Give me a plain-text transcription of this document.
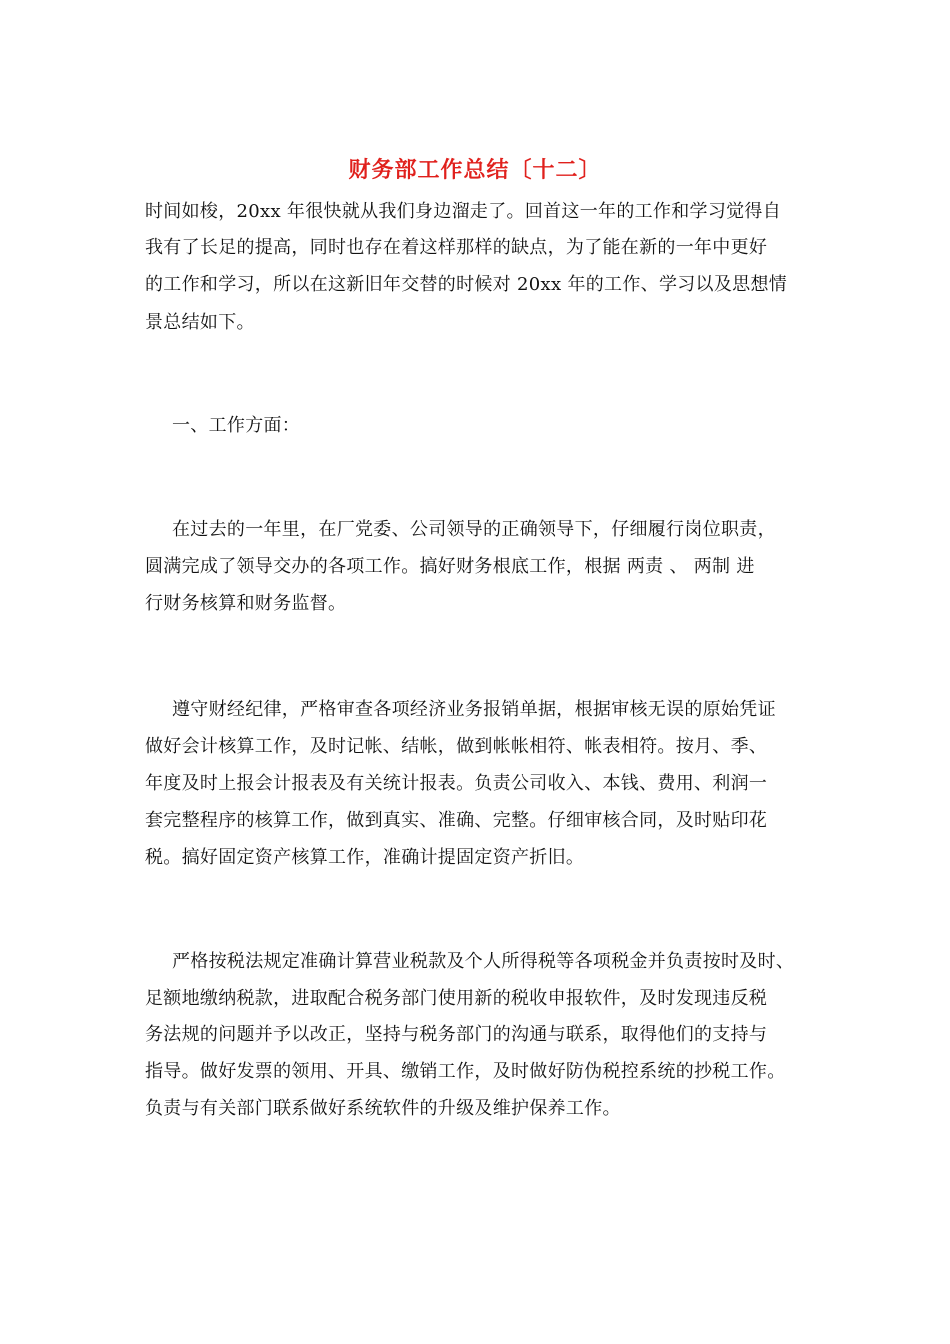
财务部工作总结〔十二〕
时间如梭，20xx 年很快就从我们身边溜走了。回首这一年的工作和学习觉得自
我有了长足的提高，同时也存在着这样那样的缺点，为了能在新的一年中更好
的工作和学习，所以在这新旧年交替的时候对 20xx 年的工作、学习以及思想情
景总结如下。
一、工作方面：
在过去的一年里，在厂党委、公司领导的正确领导下，仔细履行岗位职责，
圆满完成了领导交办的各项工作。搞好财务根底工作，根据 两责 、 两制 进
行财务核算和财务监督。
遵守财经纪律，严格审查各项经济业务报销单据，根据审核无误的原始凭证
做好会计核算工作，及时记帐、结帐，做到帐帐相符、帐表相符。按月、季、
年度及时上报会计报表及有关统计报表。负责公司收入、本钱、费用、利润一
套完整程序的核算工作，做到真实、准确、完整。仔细审核合同，及时贴印花
税。搞好固定资产核算工作，准确计提固定资产折旧。
严格按税法规定准确计算营业税款及个人所得税等各项税金并负责按时及时、
足额地缴纳税款，进取配合税务部门使用新的税收申报软件，及时发现违反税
务法规的问题并予以改正，坚持与税务部门的沟通与联系，取得他们的支持与
指导。做好发票的领用、开具、缴销工作，及时做好防伪税控系统的抄税工作。
负责与有关部门联系做好系统软件的升级及维护保养工作。
